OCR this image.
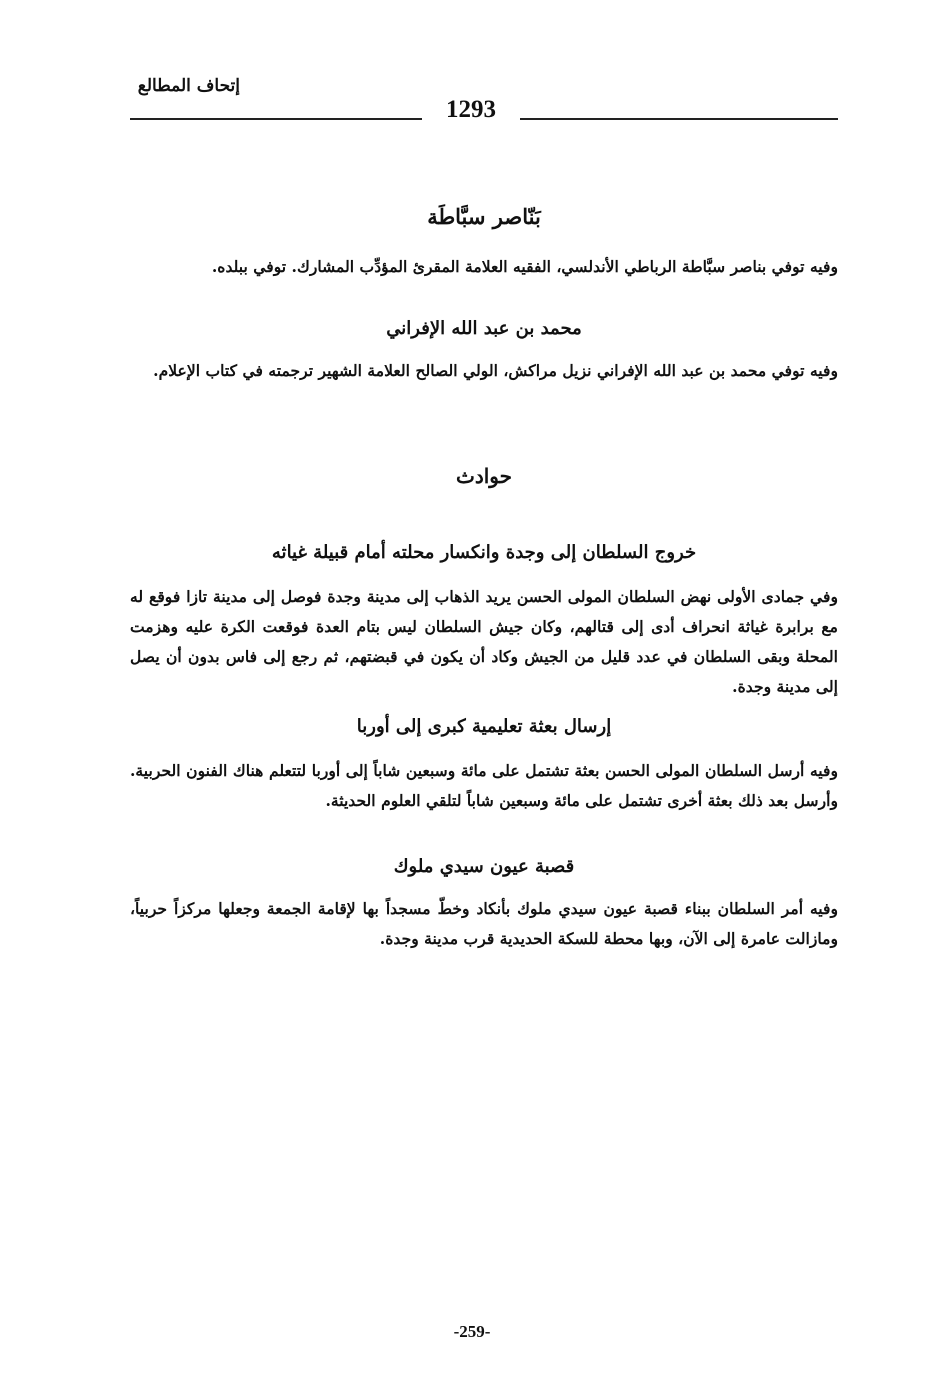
إتحاف المطالع
1293
بَنّاصر سبَّاطَة
وفيه توفي بناصر سبَّاطة الرباطي الأندلسي، الفقيه العلامة المقرئ المؤدِّب المشارك. توفي ببلده.
محمد بن عبد الله الإفراني
وفيه توفي محمد بن عبد الله الإفراني نزيل مراكش، الولي الصالح العلامة الشهير ترجمته في كتاب الإعلام.
حوادث
خروج السلطان إلى وجدة وانكسار محلته أمام قبيلة غياثه
وفي جمادى الأولى نهض السلطان المولى الحسن يريد الذهاب إلى مدينة وجدة فوصل إلى مدينة تازا فوقع له مع برابرة غياثة انحراف أدى إلى قتالهم، وكان جيش السلطان ليس بتام العدة فوقعت الكرة عليه وهزمت المحلة وبقى السلطان في عدد قليل من الجيش وكاد أن يكون في قبضتهم، ثم رجع إلى فاس بدون أن يصل إلى مدينة وجدة.
إرسال بعثة تعليمية كبرى إلى أوربا
وفيه أرسل السلطان المولى الحسن بعثة تشتمل على مائة وسبعين شاباً إلى أوربا لتتعلم هناك الفنون الحربية. وأرسل بعد ذلك بعثة أخرى تشتمل على مائة وسبعين شاباً لتلقي العلوم الحديثة.
قصبة عيون سيدي ملوك
وفيه أمر السلطان ببناء قصبة عيون سيدي ملوك بأنكاد وخطّ مسجداً بها لإقامة الجمعة وجعلها مركزاً حربياً، ومازالت عامرة إلى الآن، وبها محطة للسكة الحديدية قرب مدينة وجدة.
-259-
